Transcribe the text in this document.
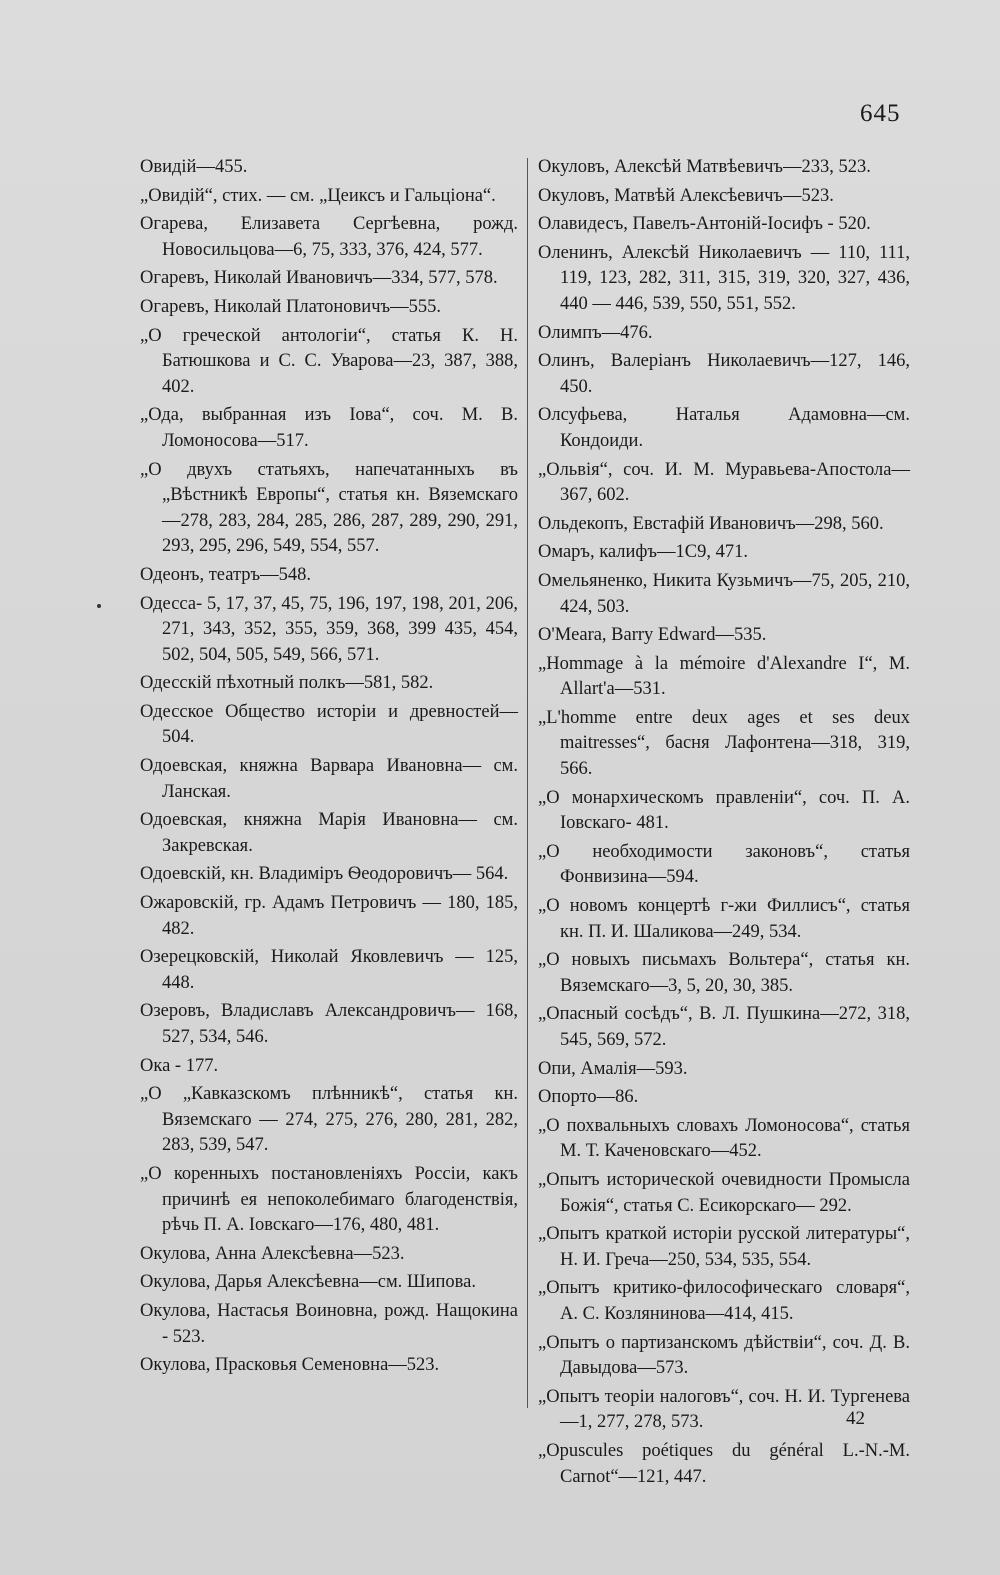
645

Овидій—455.

„Овидій“, стих. — см. „Цеиксъ и Гальціона“.

Огарева, Елизавета Сергѣевна, рожд. Новосильцова—6, 75, 333, 376, 424, 577.

Огаревъ, Николай Ивановичъ—334, 577, 578.

Огаревъ, Николай Платоновичъ—555.

„О греческой антологіи“, статья К. Н. Батюшкова и С. С. Уварова—23, 387, 388, 402.

„Ода, выбранная изъ Іова“, соч. М. В. Ломоносова—517.

„О двухъ статьяхъ, напечатанныхъ въ „Вѣстникѣ Европы“, статья кн. Вяземскаго—278, 283, 284, 285, 286, 287, 289, 290, 291, 293, 295, 296, 549, 554, 557.

Одеонъ, театръ—548.

Одесса- 5, 17, 37, 45, 75, 196, 197, 198, 201, 206, 271, 343, 352, 355, 359, 368, 399 435, 454, 502, 504, 505, 549, 566, 571.

Одесскій пѣхотный полкъ—581, 582.

Одесское Общество исторіи и древностей—504.

Одоевская, княжна Варвара Ивановна— см. Ланская.

Одоевская, княжна Марія Ивановна— см. Закревская.

Одоевскій, кн. Владиміръ Ѳеодоровичъ— 564.

Ожаровскій, гр. Адамъ Петровичъ — 180, 185, 482.

Озерецковскій, Николай Яковлевичъ — 125, 448.

Озеровъ, Владиславъ Александровичъ— 168, 527, 534, 546.

Ока - 177.

„О „Кавказскомъ плѣнникѣ“, статья кн. Вяземскаго — 274, 275, 276, 280, 281, 282, 283, 539, 547.

„О коренныхъ постановленіяхъ Россіи, какъ причинѣ ея непоколебимаго благоденствія, рѣчь П. А. Іовскаго—176, 480, 481.

Окулова, Анна Алексѣевна—523.

Окулова, Дарья Алексѣевна—см. Шипова.

Окулова, Настасья Воиновна, рожд. Нащокина - 523.

Окулова, Прасковья Семеновна—523.

Окуловъ, Алексѣй Матвѣевичъ—233, 523.

Окуловъ, Матвѣй Алексѣевичъ—523.

Олавидесъ, Павелъ-Антоній-Іосифъ - 520.

Оленинъ, Алексѣй Николаевичъ — 110, 111, 119, 123, 282, 311, 315, 319, 320, 327, 436, 440 — 446, 539, 550, 551, 552.

Олимпъ—476.

Олинъ, Валеріанъ Николаевичъ—127, 146, 450.

Олсуфьева, Наталья Адамовна—см. Кондоиди.

„Ольвія“, соч. И. М. Муравьева-Апостола—367, 602.

Ольдекопъ, Евстафій Ивановичъ—298, 560.

Омаръ, калифъ—1С9, 471.

Омельяненко, Никита Кузьмичъ—75, 205, 210, 424, 503.

O'Meara, Barry Edward—535.

„Hommage à la mémoire d'Alexandre I“, M. Allart'a—531.

„L'homme entre deux ages et ses deux maitresses“, басня Лафонтена—318, 319, 566.

„О монархическомъ правленіи“, соч. П. А. Іовскаго- 481.

„О необходимости законовъ“, статья Фонвизина—594.

„О новомъ концертѣ г-жи Филлисъ“, статья кн. П. И. Шаликова—249, 534.

„О новыхъ письмахъ Вольтера“, статья кн. Вяземскаго—3, 5, 20, 30, 385.

„Опасный сосѣдъ“, В. Л. Пушкина—272, 318, 545, 569, 572.

Опи, Амалія—593.

Опорто—86.

„О похвальныхъ словахъ Ломоносова“, статья М. Т. Каченовскаго—452.

„Опытъ исторической очевидности Промысла Божія“, статья С. Есикорскаго— 292.

„Опытъ краткой исторіи русской литературы“, Н. И. Греча—250, 534, 535, 554.

„Опытъ критико-философическаго словаря“, А. С. Козлянинова—414, 415.

„Опытъ о партизанскомъ дѣйствіи“, соч. Д. В. Давыдова—573.

„Опытъ теоріи налоговъ“, соч. Н. И. Тургенева—1, 277, 278, 573.

„Opuscules poétiques du général L.-N.-M. Carnot“—121, 447.

42
